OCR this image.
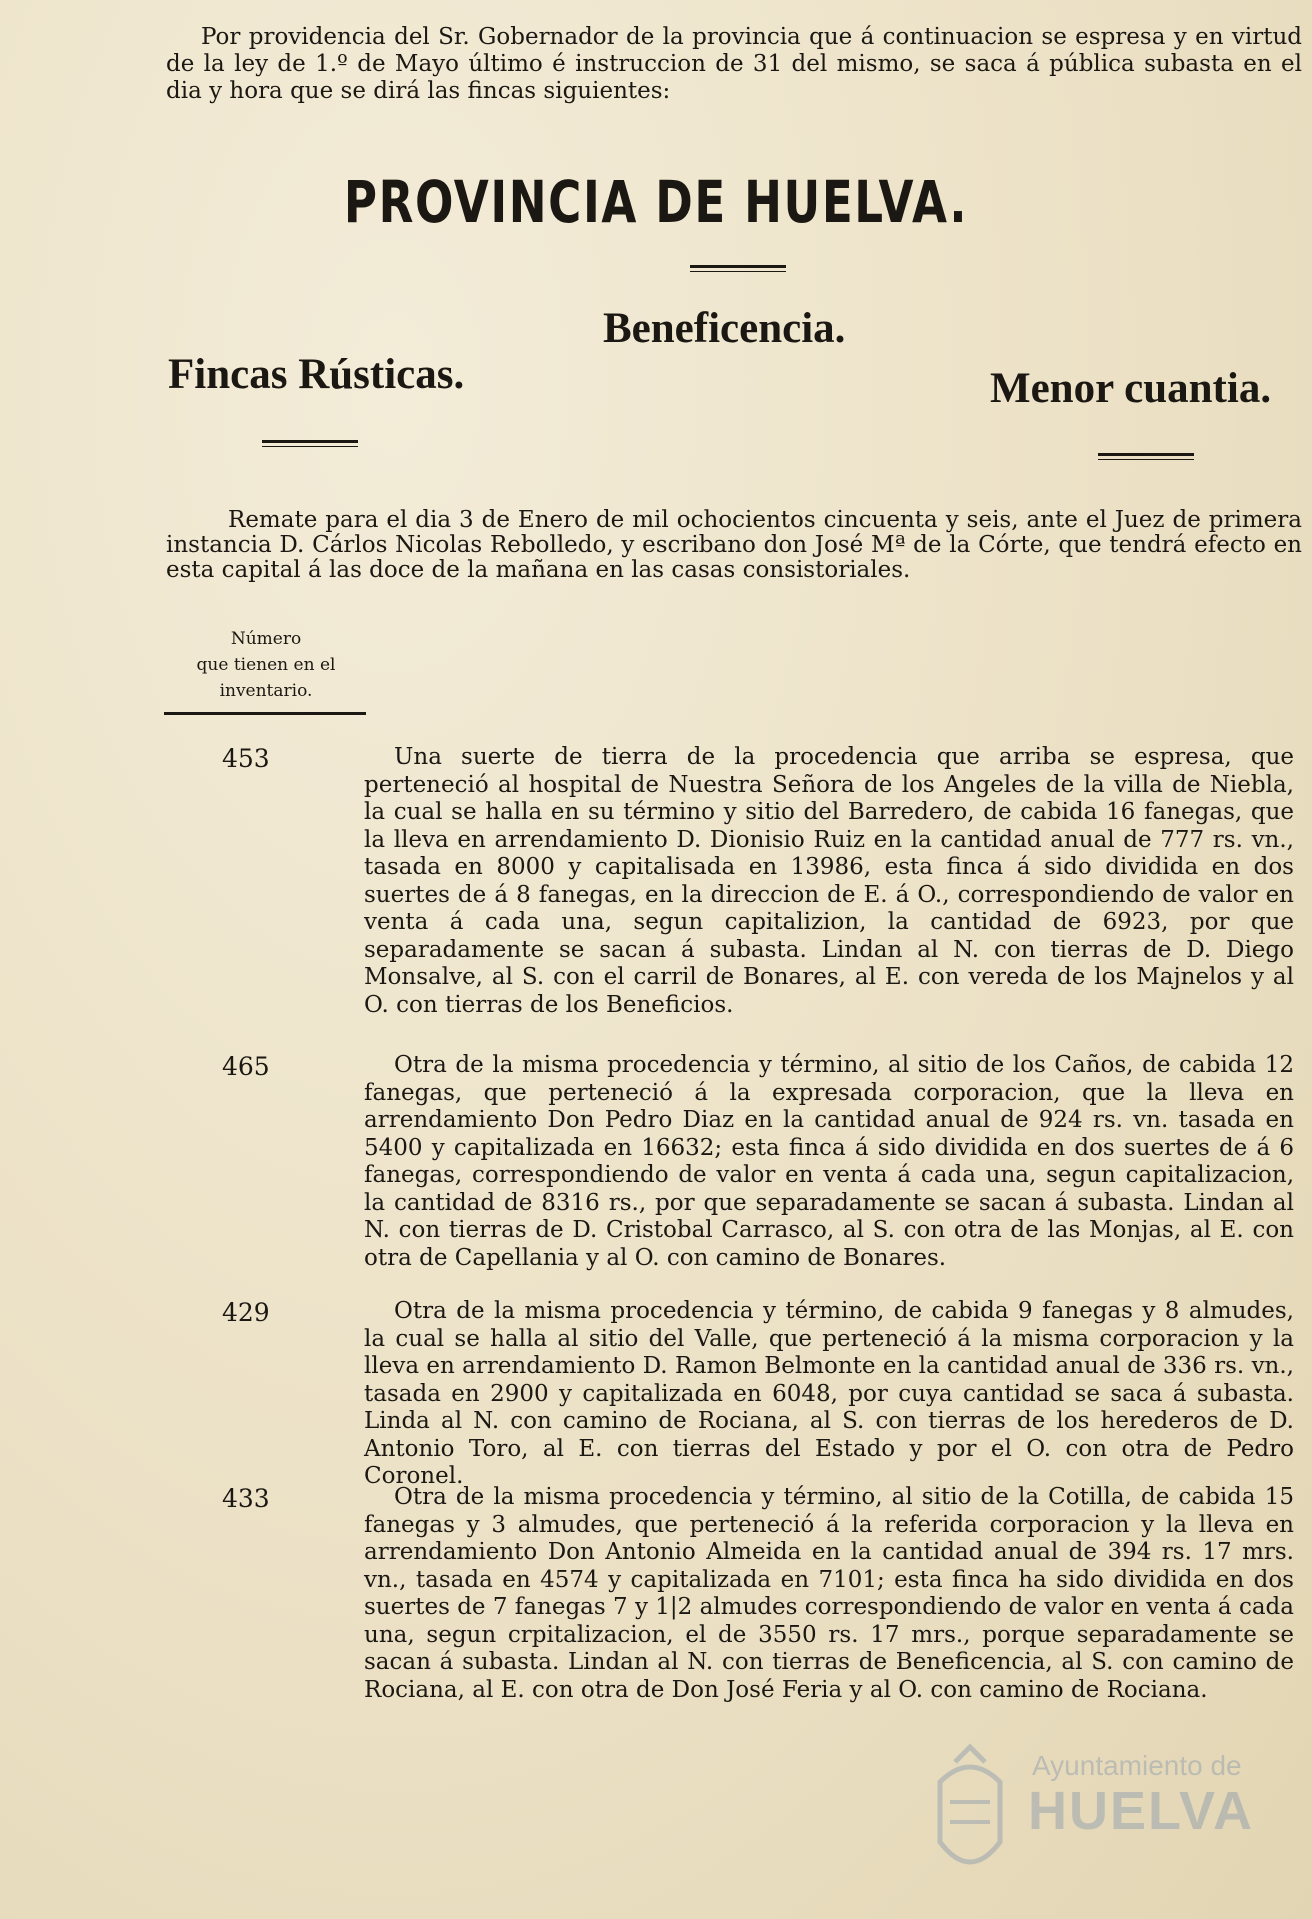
Por providencia del Sr. Gobernador de la provincia que á continuacion se espresa y en virtud de la ley de 1.º de Mayo último é instruccion de 31 del mismo, se saca á pública subasta en el dia y hora que se dirá las fincas siguientes:

PROVINCIA DE HUELVA.
Beneficencia.
Fincas Rústicas.	Menor cuantia.

Remate para el dia 3 de Enero de mil ochocientos cincuenta y seis, ante el Juez de primera instancia D. Cárlos Nicolas Rebolledo, y escribano don José Mª de la Córte, que tendrá efecto en esta capital á las doce de la mañana en las casas consistoriales.

Número
que tienen en el
inventario.
453	Una suerte de tierra de la procedencia que arriba se espresa, que perteneció al hospital de Nuestra Señora de los Angeles de la villa de Niebla, la cual se halla en su término y sitio del Barredero, de cabida 16 fanegas, que la lleva en arrendamiento D. Dionisio Ruiz en la cantidad anual de 777 rs. vn., tasada en 8000 y capitalisada en 13986, esta finca á sido dividida en dos suertes de á 8 fanegas, en la direccion de E. á O., correspondiendo de valor en venta á cada una, segun capitalizion, la cantidad de 6923, por que separadamente se sacan á subasta. Lindan al N. con tierras de D. Diego Monsalve, al S. con el carril de Bonares, al E. con vereda de los Majnelos y al O. con tierras de los Beneficios.

465	Otra de la misma procedencia y término, al sitio de los Caños, de cabida 12 fanegas, que perteneció á la expresada corporacion, que la lleva en arrendamiento Don Pedro Diaz en la cantidad anual de 924 rs. vn. tasada en 5400 y capitalizada en 16632; esta finca á sido dividida en dos suertes de á 6 fanegas, correspondiendo de valor en venta á cada una, segun capitalizacion, la cantidad de 8316 rs., por que separadamente se sacan á subasta. Lindan al N. con tierras de D. Cristobal Carrasco, al S. con otra de las Monjas, al E. con otra de Capellania y al O. con camino de Bonares.

429	Otra de la misma procedencia y término, de cabida 9 fanegas y 8 almudes, la cual se halla al sitio del Valle, que perteneció á la misma corporacion y la lleva en arrendamiento D. Ramon Belmonte en la cantidad anual de 336 rs. vn., tasada en 2900 y capitalizada en 6048, por cuya cantidad se saca á subasta. Linda al N. con camino de Rociana, al S. con tierras de los herederos de D. Antonio Toro, al E. con tierras del Estado y por el O. con otra de Pedro Coronel.

433	Otra de la misma procedencia y término, al sitio de la Cotilla, de cabida 15 fanegas y 3 almudes, que perteneció á la referida corporacion y la lleva en arrendamiento Don Antonio Almeida en la cantidad anual de 394 rs. 17 mrs. vn., tasada en 4574 y capitalizada en 7101; esta finca ha sido dividida en dos suertes de 7 fanegas 7 y 1|2 almudes correspondiendo de valor en venta á cada una, segun crpitalizacion, el de 3550 rs. 17 mrs., porque separadamente se sacan á subasta. Lindan al N. con tierras de Beneficencia, al S. con camino de Rociana, al E. con otra de Don José Feria y al O. con camino de Rociana.

Ayuntamiento de
HUELVA
